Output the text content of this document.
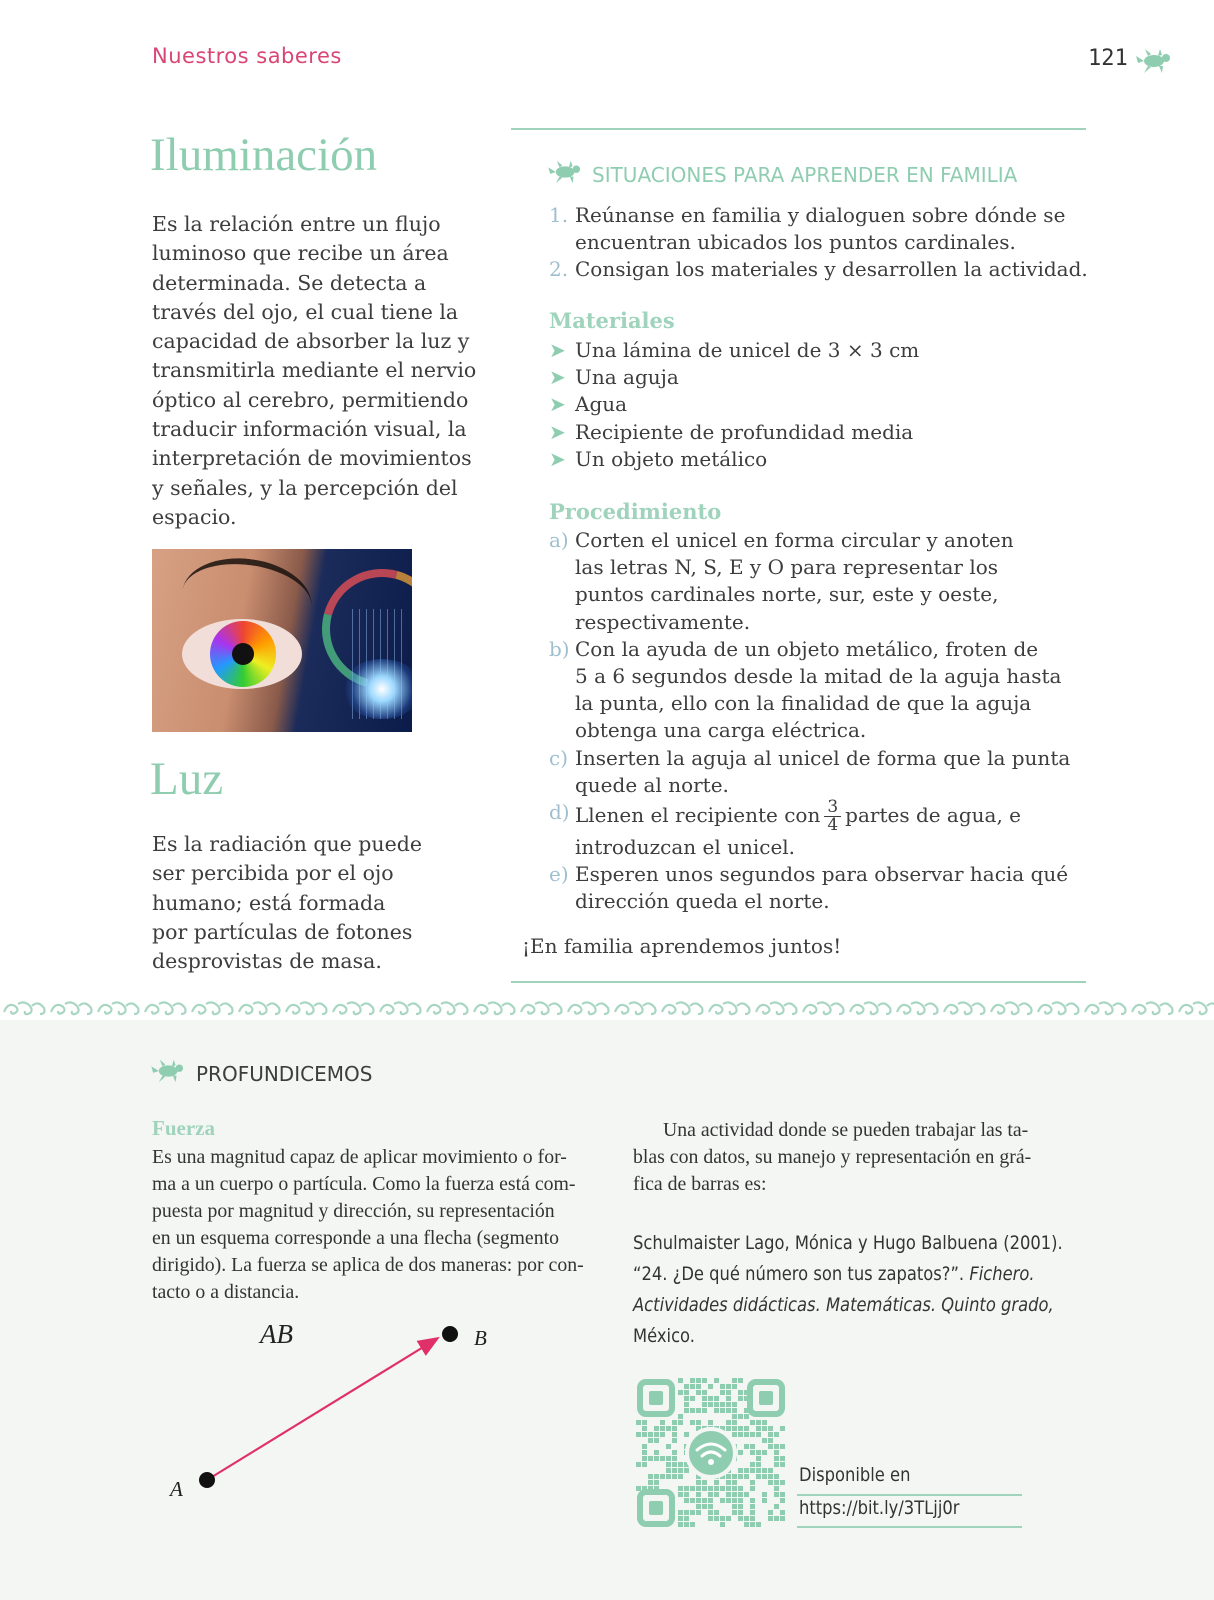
Nuestros saberes	121
Iluminación
Es la relación entre un flujo
luminoso que recibe un área
determinada. Se detecta a
través del ojo, el cual tiene la
capacidad de absorber la luz y
transmitirla mediante el nervio
óptico al cerebro, permitiendo
traducir información visual, la
interpretación de movimientos
y señales, y la percepción del
espacio.
Luz
Es la radiación que puede
ser percibida por el ojo
humano; está formada
por partículas de fotones
desprovistas de masa.
SITUACIONES PARA APRENDER EN FAMILIA
1. Reúnanse en familia y dialoguen sobre dónde se
encuentran ubicados los puntos cardinales.
2. Consigan los materiales y desarrollen la actividad.
Materiales
➤ Una lámina de unicel de 3 × 3 cm
➤ Una aguja
➤ Agua
➤ Recipiente de profundidad media
➤ Un objeto metálico
Procedimiento
a) Corten el unicel en forma circular y anoten
las letras N, S, E y O para representar los
puntos cardinales norte, sur, este y oeste,
respectivamente.
b) Con la ayuda de un objeto metálico, froten de
5 a 6 segundos desde la mitad de la aguja hasta
la punta, ello con la finalidad de que la aguja
obtenga una carga eléctrica.
c) Inserten la aguja al unicel de forma que la punta
quede al norte.
d) Llenen el recipiente con $\frac{3}{4}$ partes de agua, e
introduzcan el unicel.
e) Esperen unos segundos para observar hacia qué
dirección queda el norte.
¡En familia aprendemos juntos!
PROFUNDICEMOS
Fuerza
Es una magnitud capaz de aplicar movimiento o for-
ma a un cuerpo o partícula. Como la fuerza está com-
puesta por magnitud y dirección, su representación
en un esquema corresponde a una flecha (segmento
dirigido). La fuerza se aplica de dos maneras: por con-
tacto o a distancia.
AB	B
A
Una actividad donde se pueden trabajar las ta-
blas con datos, su manejo y representación en grá-
fica de barras es:
Schulmaister Lago, Mónica y Hugo Balbuena (2001).
“24. ¿De qué número son tus zapatos?”. Fichero.
Actividades didácticas. Matemáticas. Quinto grado,
México.
Disponible en
https://bit.ly/3TLjj0r
